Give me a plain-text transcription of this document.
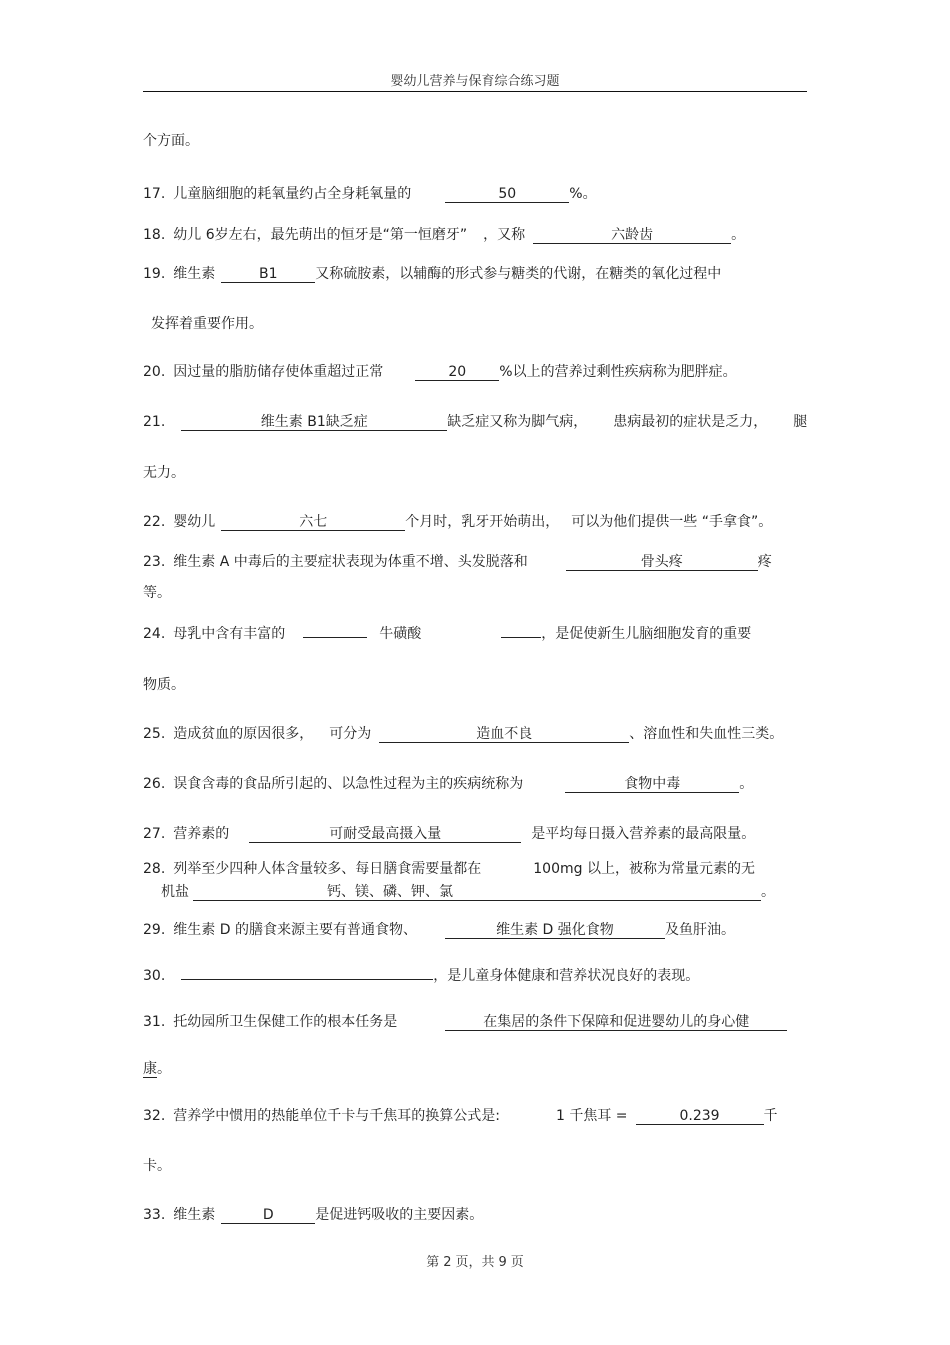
婴幼儿营养与保育综合练习题
个方面。
17. 儿童脑细胞的耗氧量约占全身耗氧量的	50	%。
18. 幼儿 6岁左右，最先萌出的恒牙是“第一恒磨牙” ，又称	六龄齿	。
19. 维生素	B1	又称硫胺素，以辅酶的形式参与糖类的代谢，在糖类的氧化过程中
发挥着重要作用。
20. 因过量的脂肪储存使体重超过正常	20 %以上的营养过剩性疾病称为肥胖症。
21.	维生素 B1缺乏症	缺乏症又称为脚气病， 患病最初的症状是乏力， 腿
无力。
22. 婴幼儿	六七	个月时，乳牙开始萌出， 可以为他们提供一些 “手拿食”。
23. 维生素 A 中毒后的主要症状表现为体重不增、头发脱落和	骨头疼	疼
等。
24. 母乳中含有丰富的	牛磺酸	，是促使新生儿脑细胞发育的重要
物质。
25. 造成贫血的原因很多， 可分为	造血不良	、溶血性和失血性三类。
26. 误食含毒的食品所引起的、以急性过程为主的疾病统称为	食物中毒	。
27. 营养素的	可耐受最高摄入量	是平均每日摄入营养素的最高限量。
28. 列举至少四种人体含量较多、每日膳食需要量都在	100mg 以上，被称为常量元素的无
机盐	钙、镁、磷、钾、氯	。
29. 维生素 D 的膳食来源主要有普通食物、	维生素 D 强化食物	及鱼肝油。
30.	，是儿童身体健康和营养状况良好的表现。
31. 托幼园所卫生保健工作的根本任务是	在集居的条件下保障和促进婴幼儿的身心健
康。
32. 营养学中惯用的热能单位千卡与千焦耳的换算公式是:	1 千焦耳 =	0.239	千
卡。
33. 维生素	D	是促进钙吸收的主要因素。
第 2 页，共 9 页
